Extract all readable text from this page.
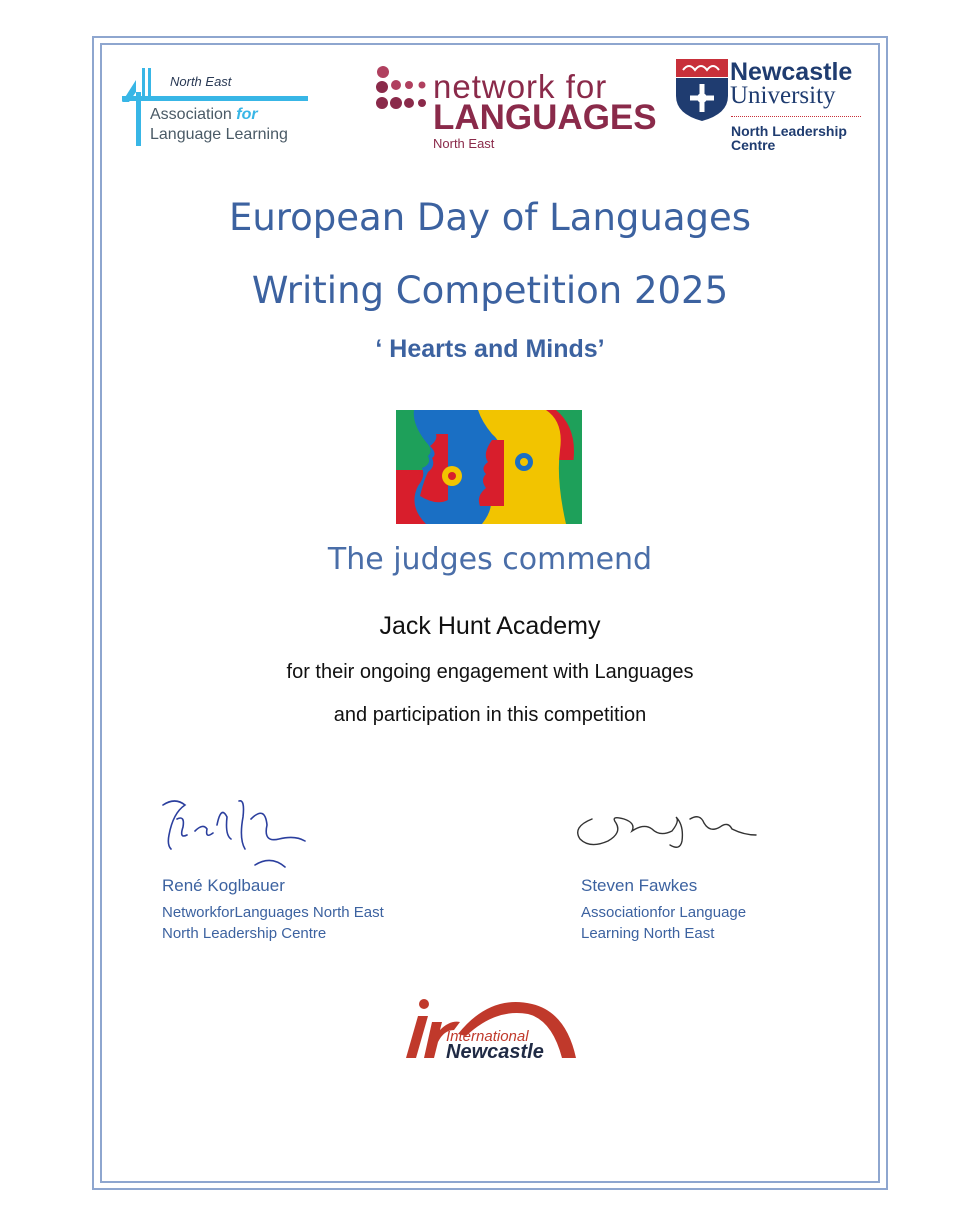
North East
Association for
Language Learning
network for
LANGUAGES
North East
Newcastle
University
North Leadership Centre
European Day of Languages
Writing Competition 2025
‘ Hearts and Minds’
The judges commend
Jack Hunt Academy
for their ongoing engagement with Languages
and participation in this competition
René Koglbauer
NetworkforLanguages North East
North Leadership Centre
Steven Fawkes
Associationfor Language
Learning North East
International
Newcastle
